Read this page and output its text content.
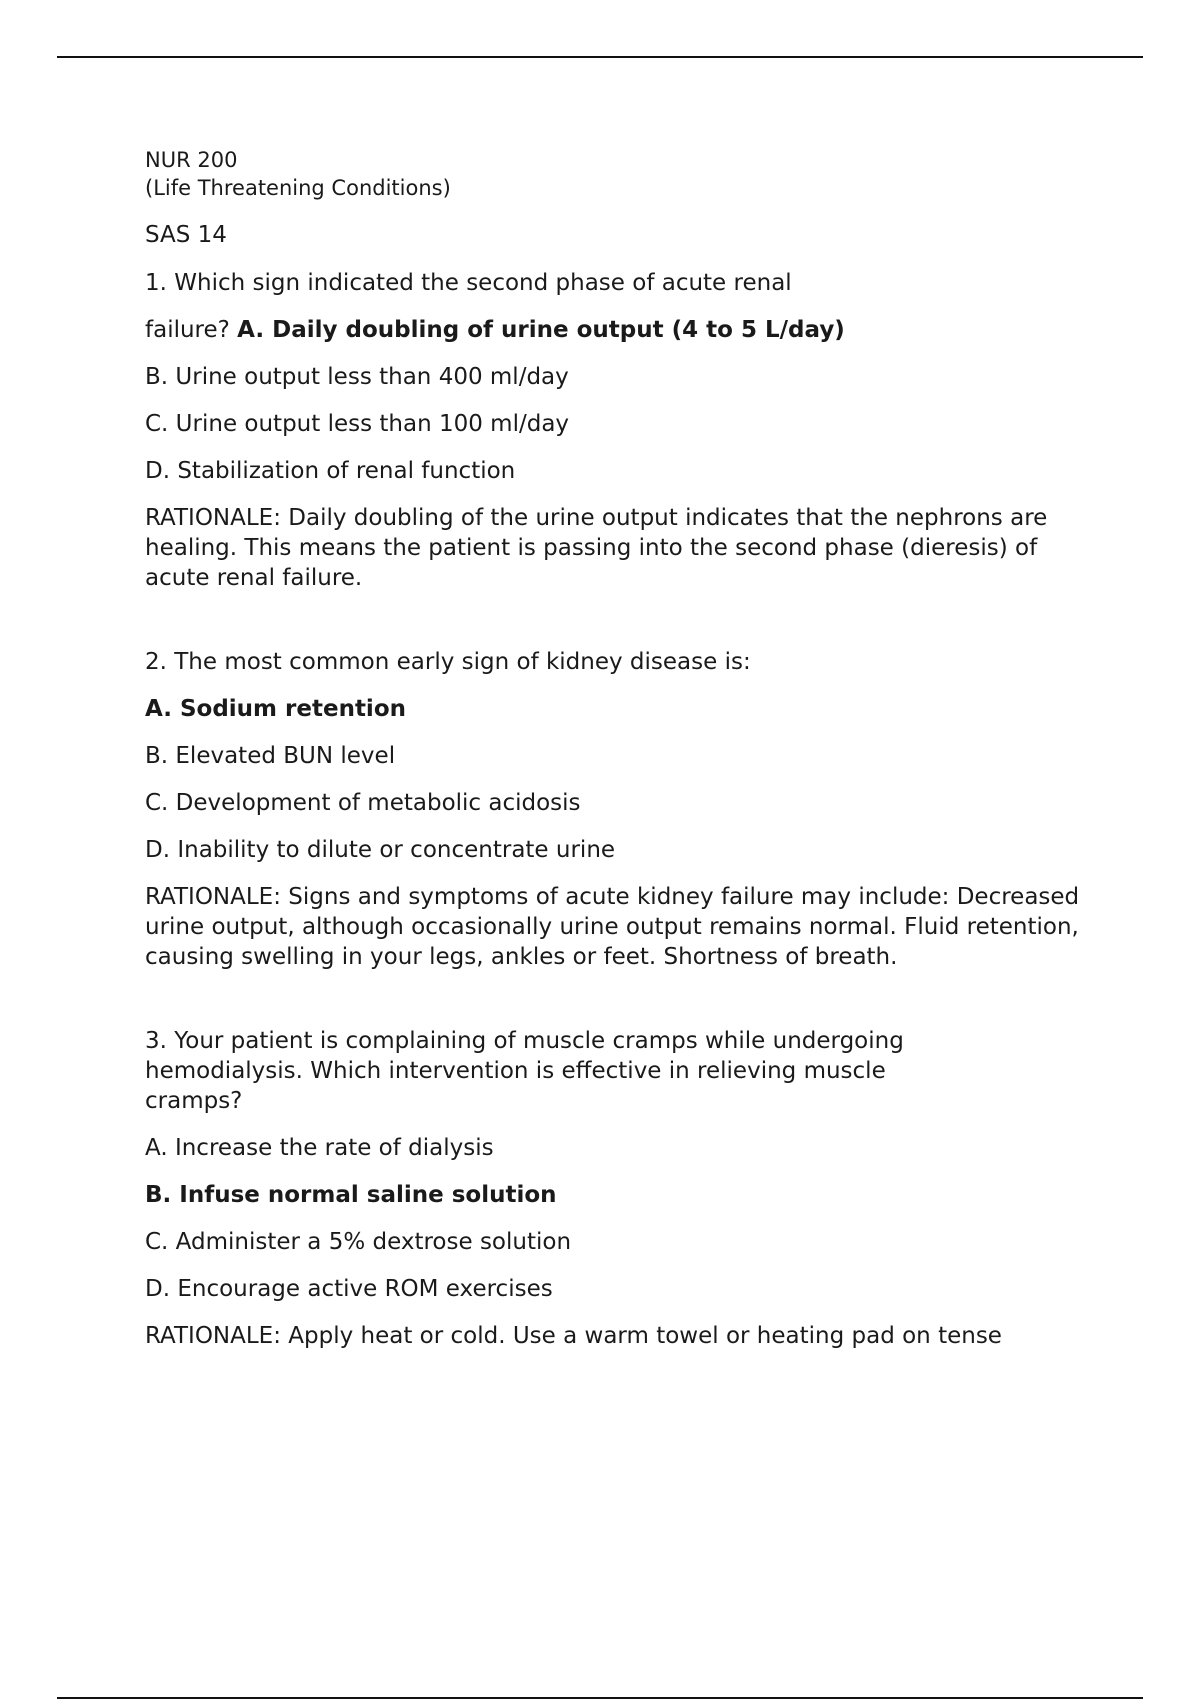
NUR 200

(Life Threatening Conditions)

SAS 14

1. Which sign indicated the second phase of acute renal

failure? A. Daily doubling of urine output (4 to 5 L/day)

B. Urine output less than 400 ml/day

C. Urine output less than 100 ml/day

D. Stabilization of renal function

RATIONALE: Daily doubling of the urine output indicates that the nephrons are healing. This means the patient is passing into the second phase (dieresis) of acute renal failure.

2. The most common early sign of kidney disease is:

A. Sodium retention

B. Elevated BUN level

C. Development of metabolic acidosis

D. Inability to dilute or concentrate urine

RATIONALE: Signs and symptoms of acute kidney failure may include: Decreased urine output, although occasionally urine output remains normal. Fluid retention, causing swelling in your legs, ankles or feet. Shortness of breath.

3. Your patient is complaining of muscle cramps while undergoing hemodialysis. Which intervention is effective in relieving muscle cramps?

A. Increase the rate of dialysis

B. Infuse normal saline solution

C. Administer a 5% dextrose solution

D. Encourage active ROM exercises

RATIONALE: Apply heat or cold. Use a warm towel or heating pad on tense
